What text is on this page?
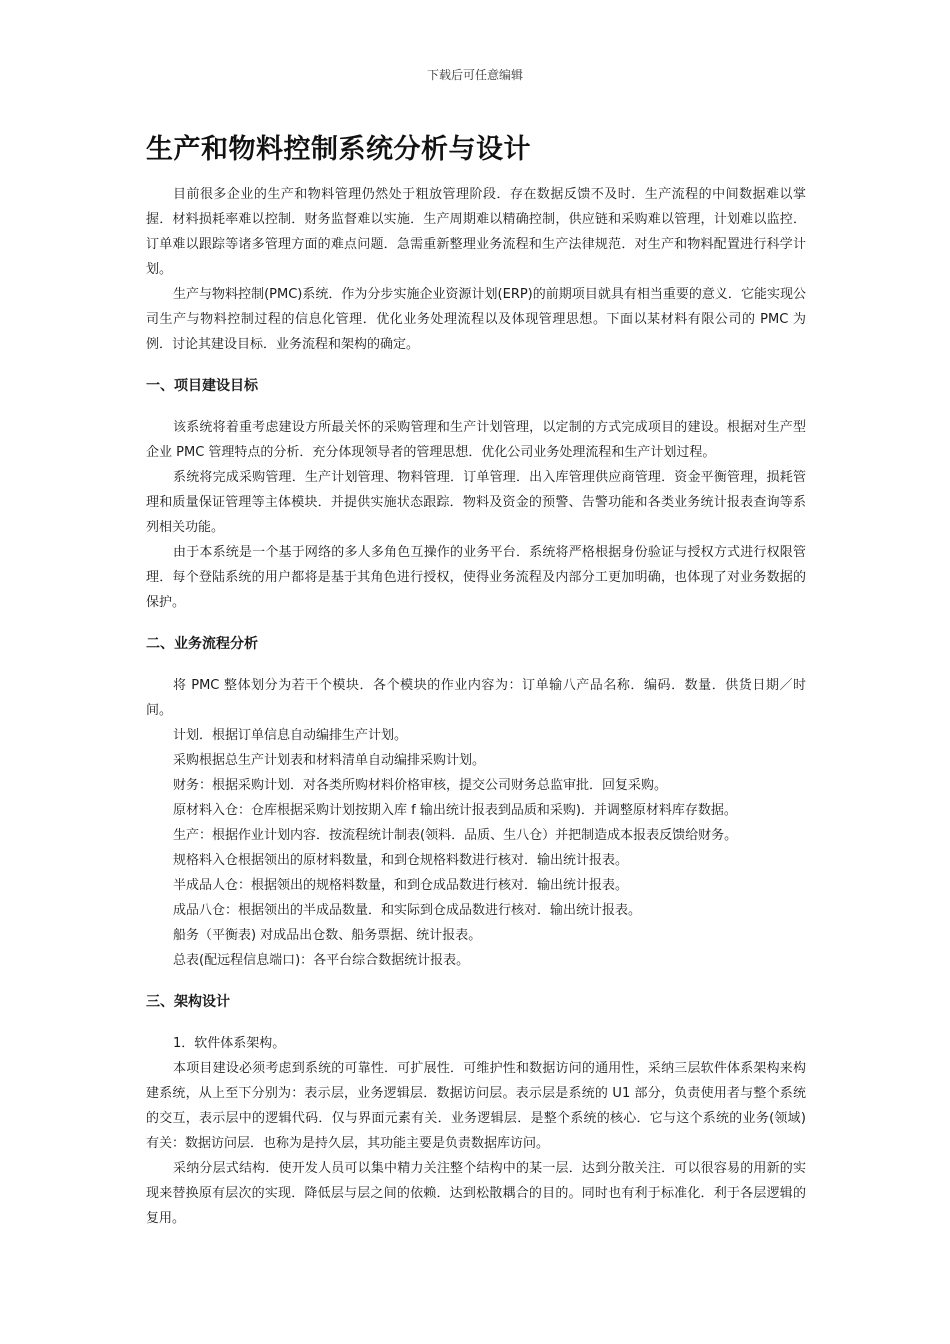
下载后可任意编辑
生产和物料控制系统分析与设计

目前很多企业的生产和物料管理仍然处于粗放管理阶段．存在数据反馈不及时．生产流程的中间数据难以掌握．材料损耗率难以控制．财务监督难以实施．生产周期难以精确控制，供应链和采购难以管理，计划难以监控．订单难以跟踪等诸多管理方面的难点问题．急需重新整理业务流程和生产法律规范．对生产和物料配置进行科学计划。

生产与物料控制(PMC)系统．作为分步实施企业资源计划(ERP)的前期项目就具有相当重要的意义．它能实现公司生产与物料控制过程的信息化管理．优化业务处理流程以及体现管理思想。下面以某材料有限公司的 PMC 为例．讨论其建设目标．业务流程和架构的确定。

一、项目建设目标

该系统将着重考虑建设方所最关怀的采购管理和生产计划管理，以定制的方式完成项目的建设。根据对生产型企业 PMC 管理特点的分析．充分体现领导者的管理思想．优化公司业务处理流程和生产计划过程。

系统将完成采购管理．生产计划管理、物料管理．订单管理．出入库管理供应商管理．资金平衡管理，损耗管理和质量保证管理等主体模块．并提供实施状态跟踪．物料及资金的预警、告警功能和各类业务统计报表查询等系列相关功能。

由于本系统是一个基于网络的多人多角色互操作的业务平台．系统将严格根据身份验证与授权方式进行权限管理．每个登陆系统的用户都将是基于其角色进行授权，使得业务流程及内部分工更加明确，也体现了对业务数据的保护。

二、业务流程分析

将 PMC 整体划分为若干个模块．各个模块的作业内容为：订单输八产品名称．编码．数量．供货日期／时间。

计划．根据订单信息自动编排生产计划。

采购根据总生产计划表和材料清单自动编排采购计划。

财务：根据采购计划．对各类所购材料价格审核，提交公司财务总监审批．回复采购。

原材料入仓：仓库根据采购计划按期入库 f 输出统计报表到品质和采购)．并调整原材料库存数据。

生产：根据作业计划内容．按流程统计制表(领料．品质、生八仓）并把制造成本报表反馈给财务。

规格料入仓根据领出的原材料数量，和到仓规格料数进行核对．输出统计报表。

半成品人仓：根据领出的规格料数量，和到仓成品数进行核对．输出统计报表。

成品八仓：根据领出的半成品数量．和实际到仓成品数进行核对．输出统计报表。

船务（平衡表) 对成品出仓数、船务票据、统计报表。

总表(配远程信息端口)：各平台综合数据统计报表。

三、架构设计

1．软件体系架构。

本项目建设必须考虑到系统的可靠性．可扩展性．可维护性和数据访问的通用性，采纳三层软件体系架构来构建系统，从上至下分别为：表示层，业务逻辑层．数据访问层。表示层是系统的 U1 部分，负责使用者与整个系统的交互，表示层中的逻辑代码．仅与界面元素有关．业务逻辑层．是整个系统的核心．它与这个系统的业务(领域)有关：数据访问层．也称为是持久层，其功能主要是负责数据库访问。

采纳分层式结构．使开发人员可以集中精力关注整个结构中的某一层．达到分散关注．可以很容易的用新的实现来替换原有层次的实现．降低层与层之间的依赖．达到松散耦合的目的。同时也有利于标准化．利于各层逻辑的复用。
